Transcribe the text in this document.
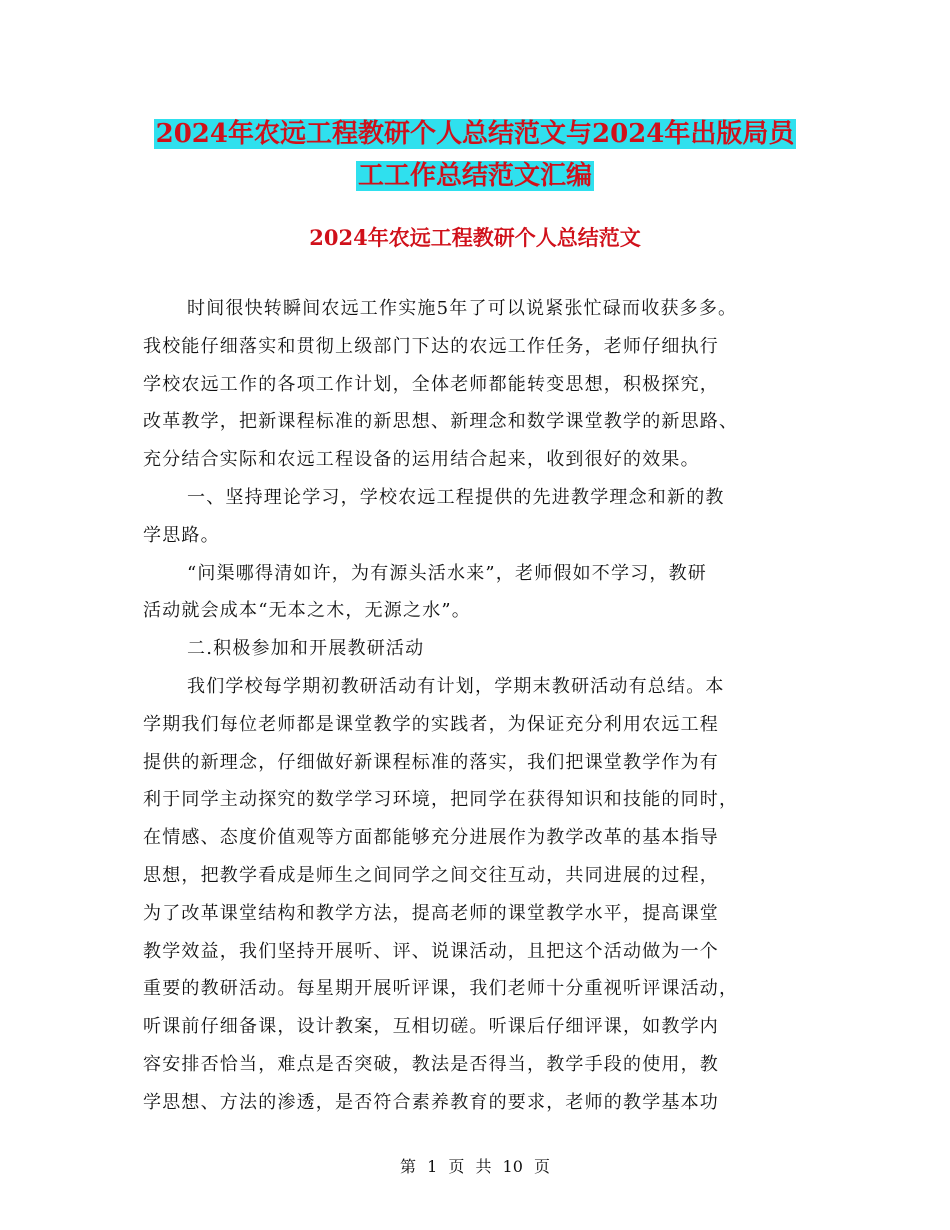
2024年农远工程教研个人总结范文与2024年出版局员
工工作总结范文汇编
2024年农远工程教研个人总结范文
时间很快转瞬间农远工作实施5年了可以说紧张忙碌而收获多多。
我校能仔细落实和贯彻上级部门下达的农远工作任务，老师仔细执行
学校农远工作的各项工作计划，全体老师都能转变思想，积极探究，
改革教学，把新课程标准的新思想、新理念和数学课堂教学的新思路、
充分结合实际和农远工程设备的运用结合起来，收到很好的效果。
一、坚持理论学习，学校农远工程提供的先进教学理念和新的教
学思路。
“问渠哪得清如许，为有源头活水来”，老师假如不学习，教研
活动就会成本“无本之木，无源之水”。
二.积极参加和开展教研活动
我们学校每学期初教研活动有计划，学期末教研活动有总结。本
学期我们每位老师都是课堂教学的实践者，为保证充分利用农远工程
提供的新理念，仔细做好新课程标准的落实，我们把课堂教学作为有
利于同学主动探究的数学学习环境，把同学在获得知识和技能的同时，
在情感、态度价值观等方面都能够充分进展作为教学改革的基本指导
思想，把教学看成是师生之间同学之间交往互动，共同进展的过程，
为了改革课堂结构和教学方法，提高老师的课堂教学水平，提高课堂
教学效益，我们坚持开展听、评、说课活动，且把这个活动做为一个
重要的教研活动。每星期开展听评课，我们老师十分重视听评课活动，
听课前仔细备课，设计教案，互相切磋。听课后仔细评课，如教学内
容安排否恰当，难点是否突破，教法是否得当，教学手段的使用，教
学思想、方法的渗透，是否符合素养教育的要求，老师的教学基本功
第 1 页 共 10 页
